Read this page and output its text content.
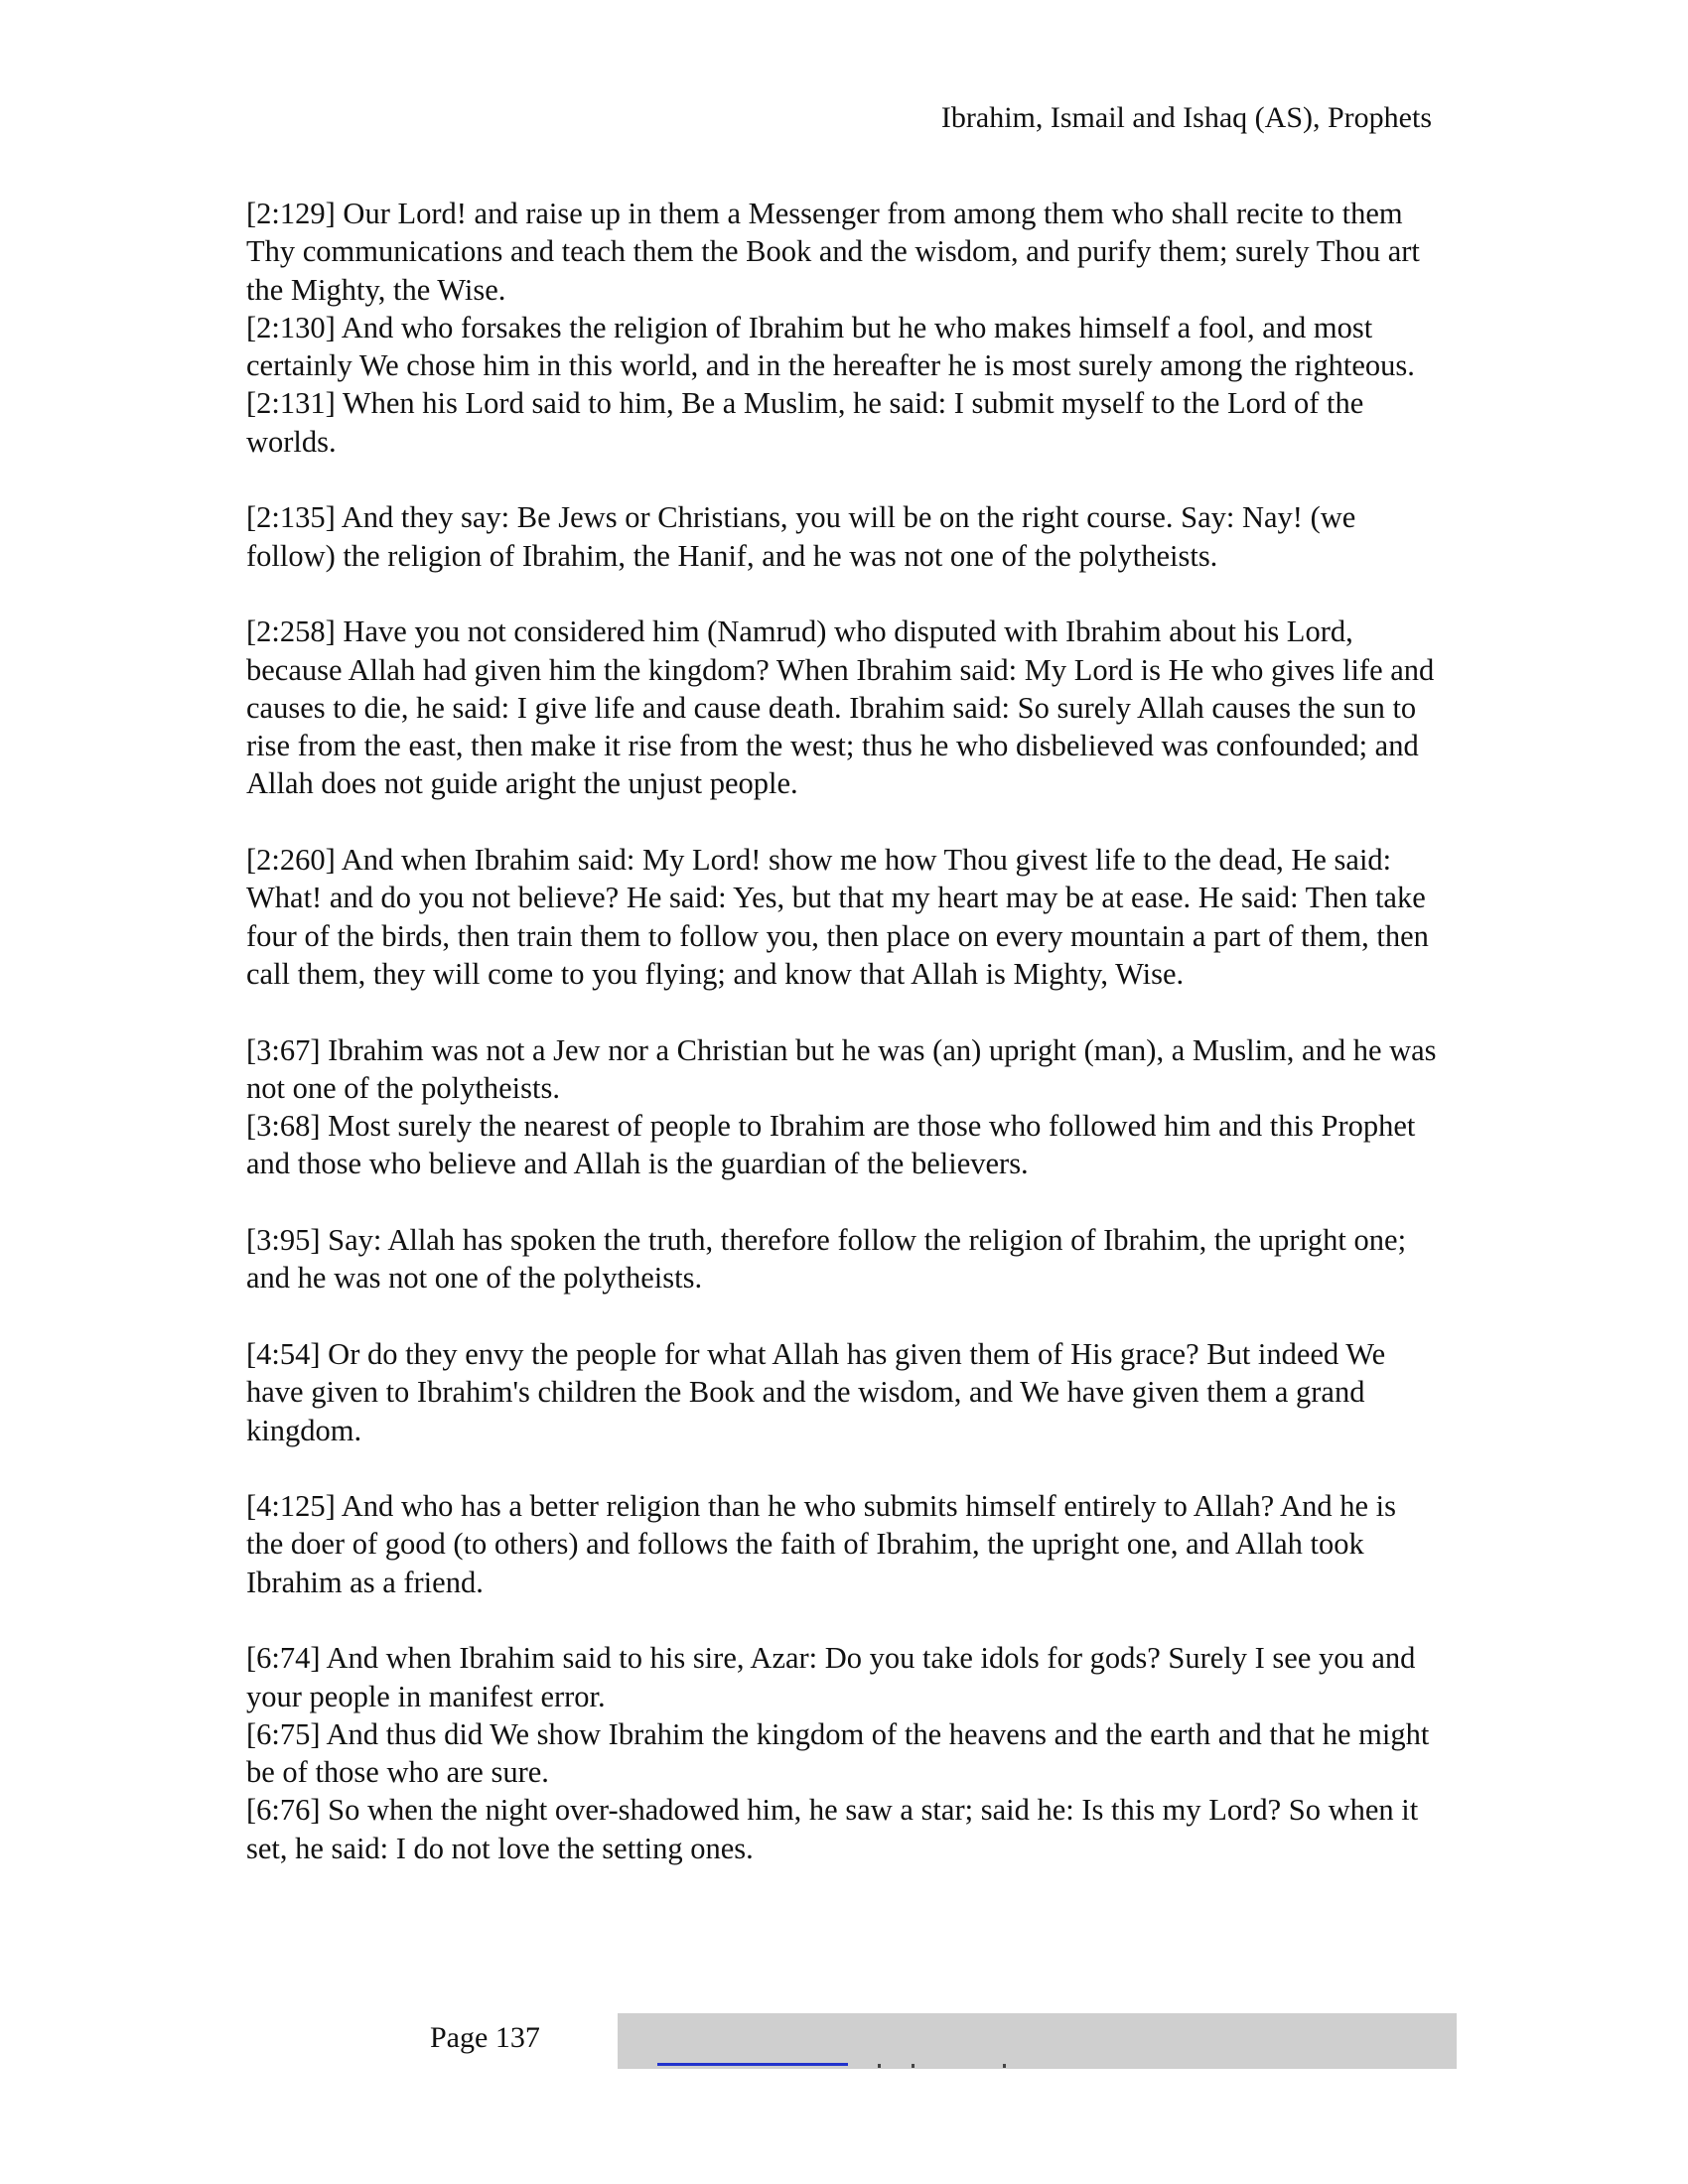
Ibrahim, Ismail and Ishaq (AS), Prophets

[2:129] Our Lord! and raise up in them a Messenger from among them who shall recite to them Thy communications and teach them the Book and the wisdom, and purify them; surely Thou art the Mighty, the Wise.

[2:130] And who forsakes the religion of Ibrahim but he who makes himself a fool, and most certainly We chose him in this world, and in the hereafter he is most surely among the righteous.

[2:131] When his Lord said to him, Be a Muslim, he said: I submit myself to the Lord of the worlds.

[2:135] And they say: Be Jews or Christians, you will be on the right course. Say: Nay! (we follow) the religion of Ibrahim, the Hanif, and he was not one of the polytheists.

[2:258] Have you not considered him (Namrud) who disputed with Ibrahim about his Lord, because Allah had given him the kingdom? When Ibrahim said: My Lord is He who gives life and causes to die, he said: I give life and cause death. Ibrahim said: So surely Allah causes the sun to rise from the east, then make it rise from the west; thus he who disbelieved was confounded; and Allah does not guide aright the unjust people.

[2:260] And when Ibrahim said: My Lord! show me how Thou givest life to the dead, He said: What! and do you not believe? He said: Yes, but that my heart may be at ease. He said: Then take four of the birds, then train them to follow you, then place on every mountain a part of them, then call them, they will come to you flying; and know that Allah is Mighty, Wise.

[3:67] Ibrahim was not a Jew nor a Christian but he was (an) upright (man), a Muslim, and he was not one of the polytheists.

[3:68] Most surely the nearest of people to Ibrahim are those who followed him and this Prophet and those who believe and Allah is the guardian of the believers.

[3:95] Say: Allah has spoken the truth, therefore follow the religion of Ibrahim, the upright one; and he was not one of the polytheists.

[4:54] Or do they envy the people for what Allah has given them of His grace? But indeed We have given to Ibrahim's children the Book and the wisdom, and We have given them a grand kingdom.

[4:125] And who has a better religion than he who submits himself entirely to Allah? And he is the doer of good (to others) and follows the faith of Ibrahim, the upright one, and Allah took Ibrahim as a friend.

[6:74] And when Ibrahim said to his sire, Azar: Do you take idols for gods? Surely I see you and your people in manifest error.

[6:75] And thus did We show Ibrahim the kingdom of the heavens and the earth and that he might be of those who are sure.

[6:76] So when the night over-shadowed him, he saw a star; said he: Is this my Lord? So when it set, he said: I do not love the setting ones.

Page 137
